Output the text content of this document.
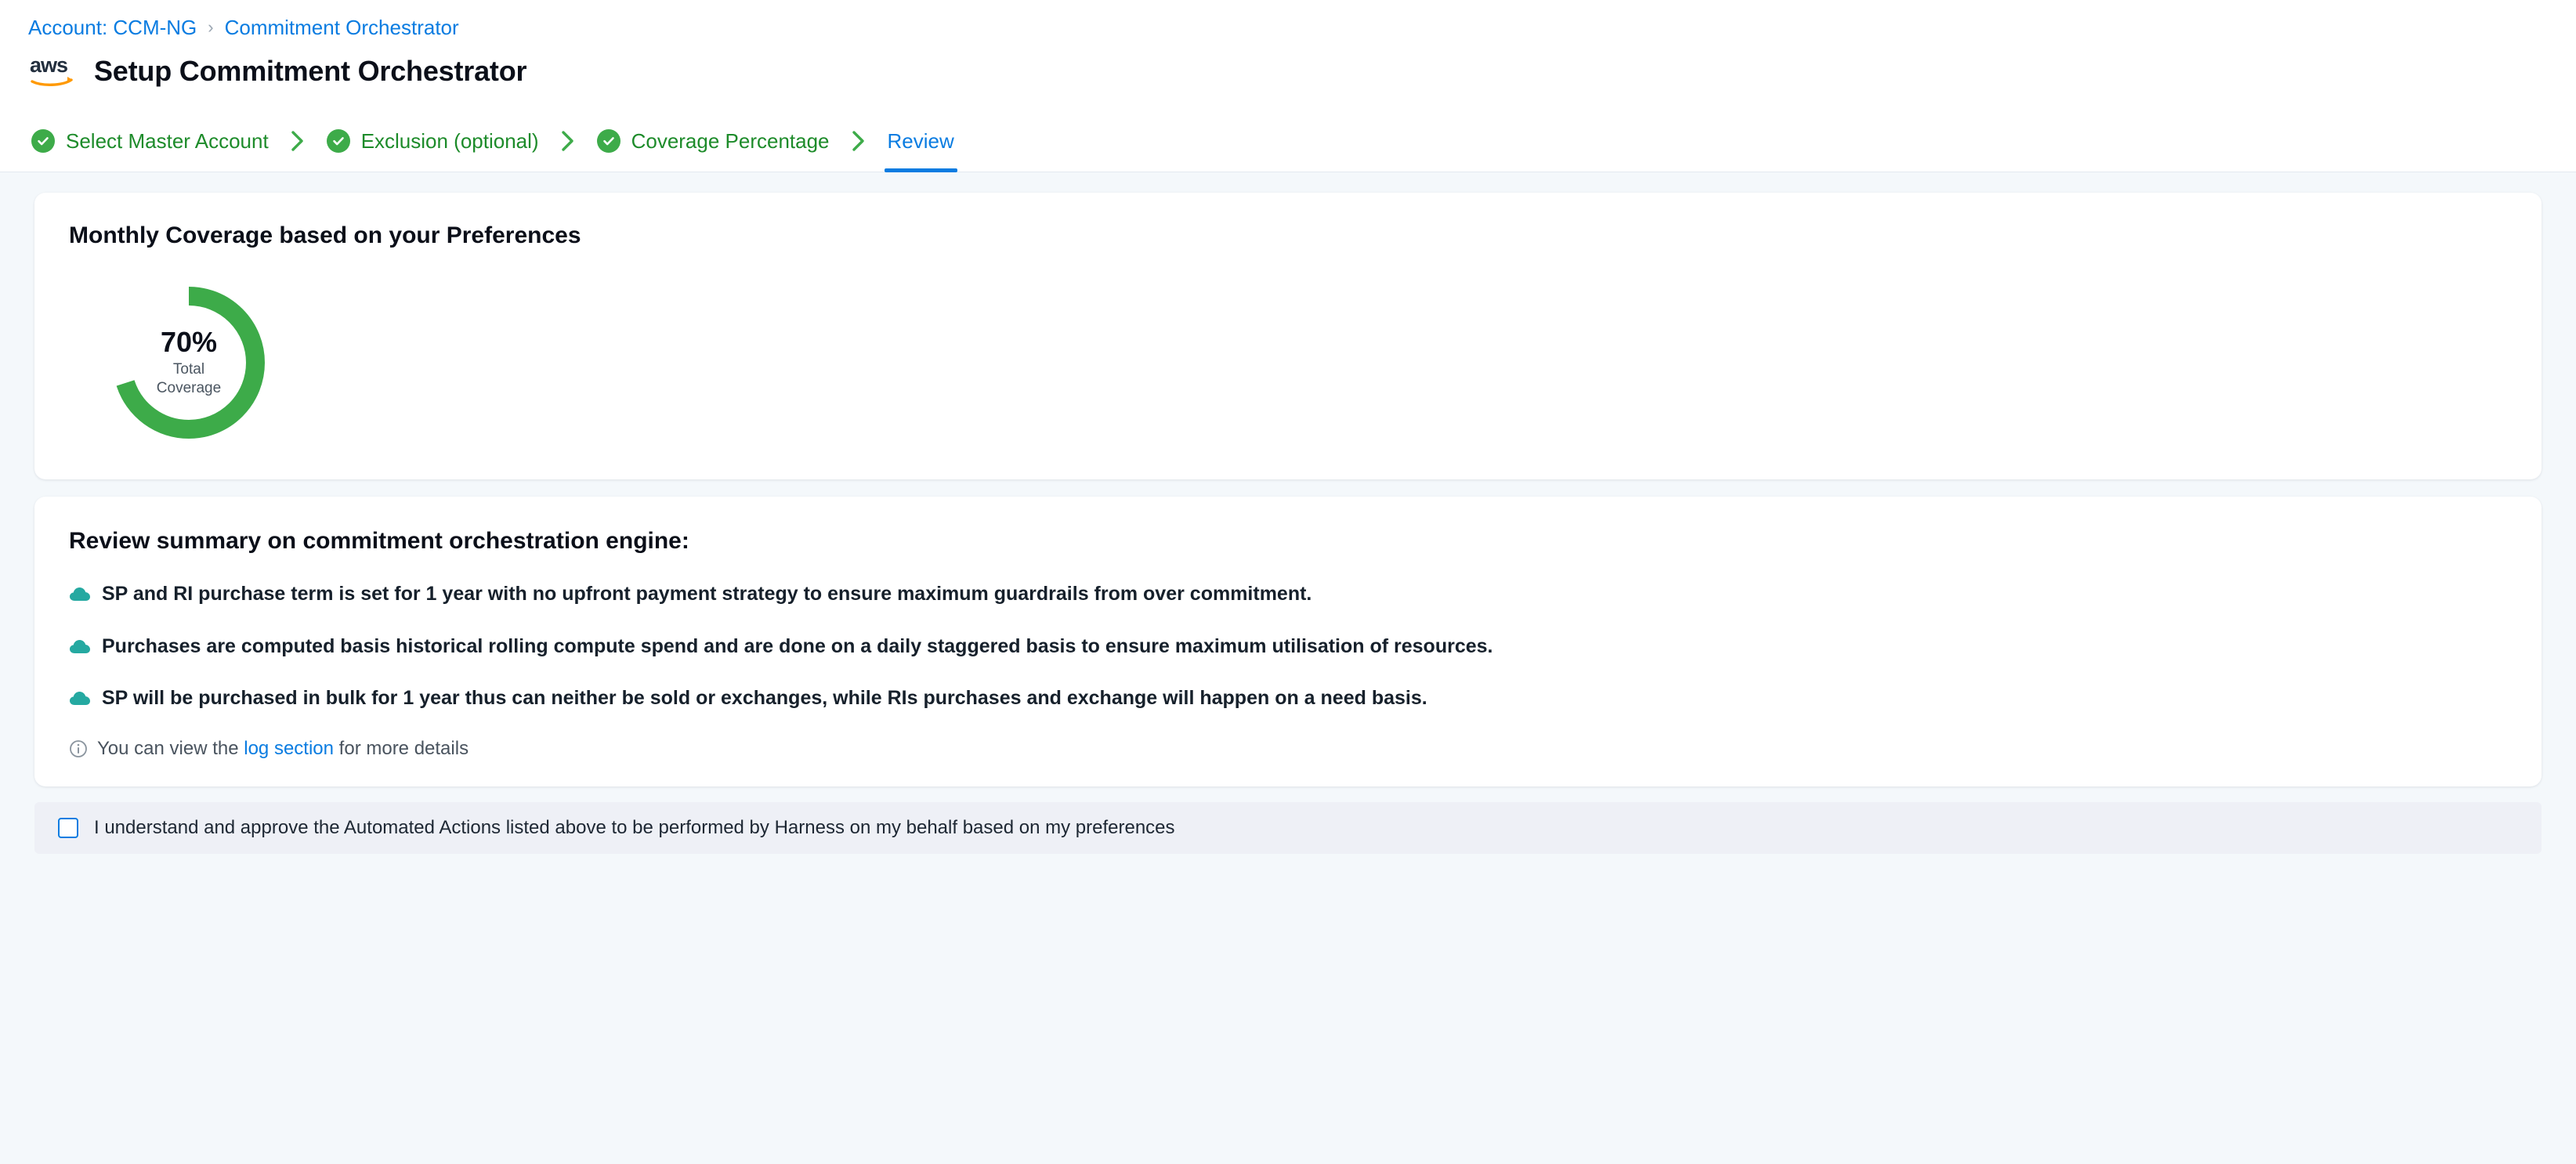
Account: CCM-NG › Commitment Orchestrator
aws Setup Commitment Orchestrator
Select Master Account	Exclusion (optional)	Coverage Percentage	Review
Monthly Coverage based on your Preferences
70%
Total
Coverage
Review summary on commitment orchestration engine:
SP and RI purchase term is set for 1 year with no upfront payment strategy to ensure maximum guardrails from over commitment.
Purchases are computed basis historical rolling compute spend and are done on a daily staggered basis to ensure maximum utilisation of resources.
SP will be purchased in bulk for 1 year thus can neither be sold or exchanges, while RIs purchases and exchange will happen on a need basis.
You can view the
log section
for more details
I understand and approve the Automated Actions listed above to be performed by Harness on my behalf based on my preferences
